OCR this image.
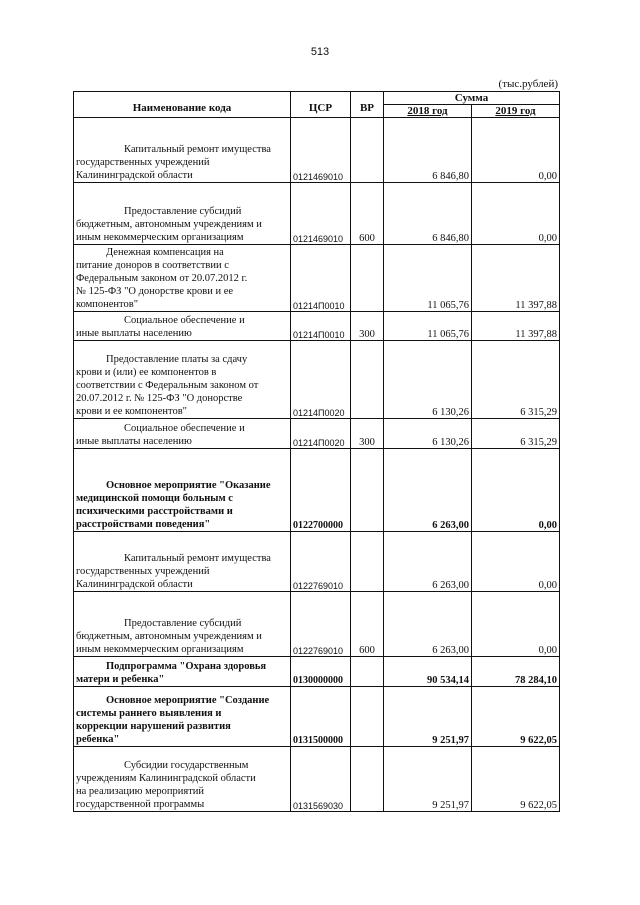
513
(тыс.рублей)
Наименование кода	ЦСР	ВР	Сумма	
			2018 год	2019 год

Капитальный ремонт имущества
государственных учреждений
Калининградской области	0121469010		6 846,80	0,00

Предоставление субсидий
бюджетным, автономным учреждениям и
иным некоммерческим организациям	0121469010	600	6 846,80	0,00

Денежная компенсация на
питание доноров в соответствии с
Федеральным законом от 20.07.2012 г.
№ 125-ФЗ "О донорстве крови и ее
компонентов"	01214П0010		11 065,76	11 397,88

Социальное обеспечение и
иные выплаты населению	01214П0010	300	11 065,76	11 397,88

Предоставление платы за сдачу
крови и (или) ее компонентов в
соответствии с Федеральным законом от
20.07.2012 г. № 125-ФЗ "О донорстве
крови и ее компонентов"	01214П0020		6 130,26	6 315,29

Социальное обеспечение и
иные выплаты населению	01214П0020	300	6 130,26	6 315,29

Основное мероприятие "Оказание
медицинской помощи больным с
психическими расстройствами и
расстройствами поведения"	0122700000		6 263,00	0,00

Капитальный ремонт имущества
государственных учреждений
Калининградской области	0122769010		6 263,00	0,00

Предоставление субсидий
бюджетным, автономным учреждениям и
иным некоммерческим организациям	0122769010	600	6 263,00	0,00

Подпрограмма "Охрана здоровья
матери и ребенка"	0130000000		90 534,14	78 284,10

Основное мероприятие "Создание
системы раннего выявления и
коррекции нарушений развития
ребенка"	0131500000		9 251,97	9 622,05

Субсидии государственным
учреждениям Калининградской области
на реализацию мероприятий
государственной программы	0131569030		9 251,97	9 622,05
